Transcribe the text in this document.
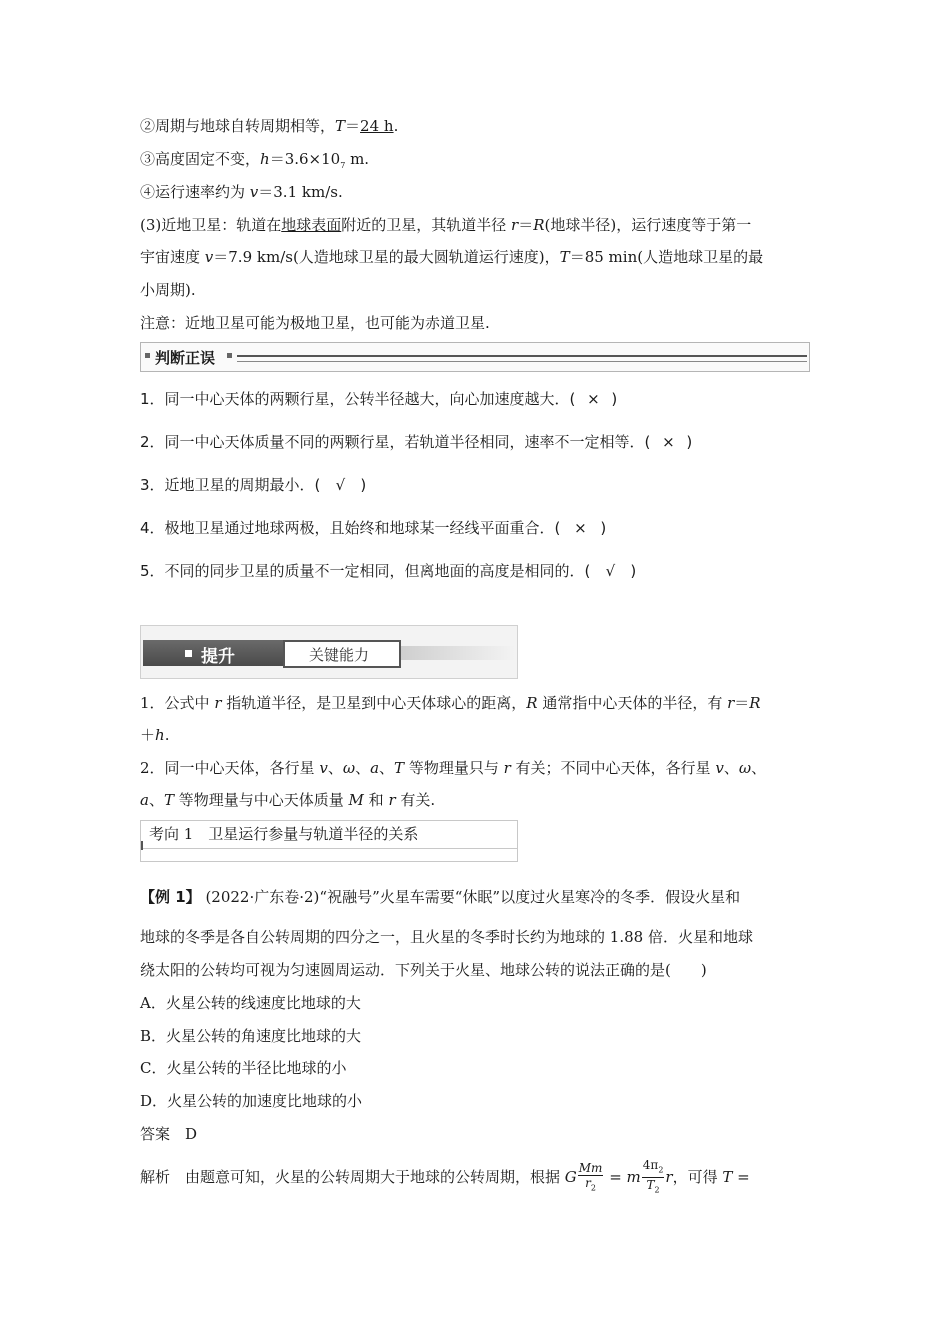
②周期与地球自转周期相等，T＝24 h.
③高度固定不变，$h=3.6\times 10_7$ m.
④运行速率约为 v＝3.1 km/s.
(3)近地卫星：轨道在地球表面附近的卫星，其轨道半径 r＝R(地球半径)，运行速度等于第一
宇宙速度 v＝7.9 km/s(人造地球卫星的最大圆轨道运行速度)，T＝85 min(人造地球卫星的最
小周期).
注意：近地卫星可能为极地卫星，也可能为赤道卫星.
判断正误
1．同一中心天体的两颗行星，公转半径越大，向心加速度越大．( × )
2．同一中心天体质量不同的两颗行星，若轨道半径相同，速率不一定相等．( × )
3．近地卫星的周期最小．( √ )
4．极地卫星通过地球两极，且始终和地球某一经线平面重合．( × )
5．不同的同步卫星的质量不一定相同，但离地面的高度是相同的．( √ )
提升	关键能力
1．公式中 r 指轨道半径，是卫星到中心天体球心的距离，R 通常指中心天体的半径，有 r＝R
＋h.
2．同一中心天体，各行星 v、ω、a、T 等物理量只与 r 有关；不同中心天体，各行星 v、ω、
a、T 等物理量与中心天体质量 M 和 r 有关.
考向 1　卫星运行参量与轨道半径的关系
【例 1】 (2022·广东卷·2)“祝融号”火星车需要“休眠”以度过火星寒冷的冬季．假设火星和
地球的冬季是各自公转周期的四分之一，且火星的冬季时长约为地球的 1.88 倍．火星和地球
绕太阳的公转均可视为匀速圆周运动．下列关于火星、地球公转的说法正确的是(　　)
A．火星公转的线速度比地球的大
B．火星公转的角速度比地球的大
C．火星公转的半径比地球的小
D．火星公转的加速度比地球的小
答案　D
解析　由题意可知，火星的公转周期大于地球的公转周期，根据 G $\frac{Mm}{r_2} = m \frac{4\pi_2}{T_2}$ r，可得 T =
